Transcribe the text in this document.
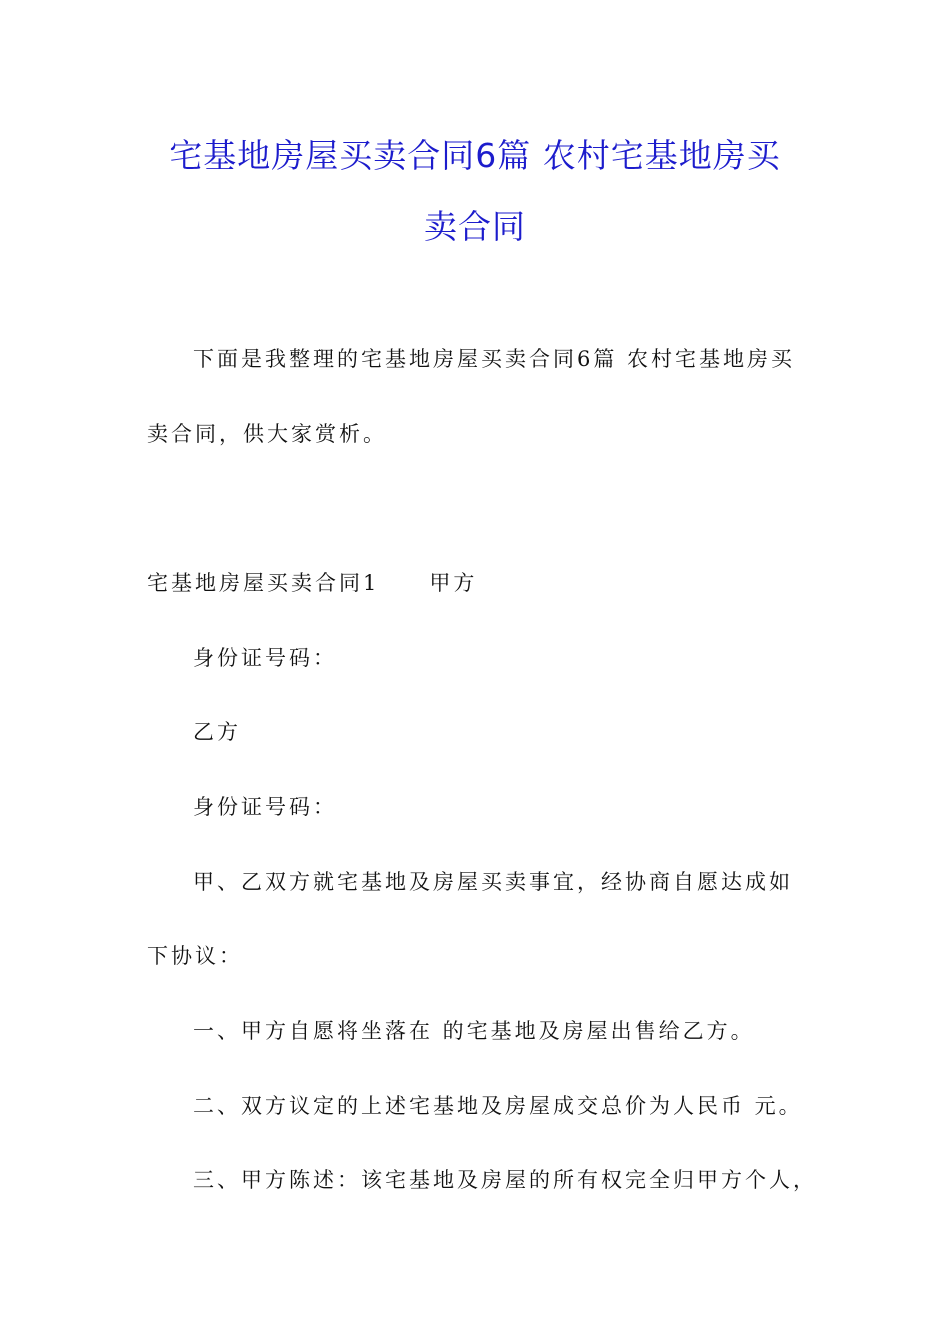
宅基地房屋买卖合同6篇 农村宅基地房买
卖合同

下面是我整理的宅基地房屋买卖合同6篇 农村宅基地房买

卖合同，供大家赏析。

宅基地房屋买卖合同1 甲方

身份证号码：

乙方

身份证号码：

甲、乙双方就宅基地及房屋买卖事宜，经协商自愿达成如

下协议：

一、甲方自愿将坐落在 的宅基地及房屋出售给乙方。

二、双方议定的上述宅基地及房屋成交总价为人民币 元。

三、甲方陈述：该宅基地及房屋的所有权完全归甲方个人，
